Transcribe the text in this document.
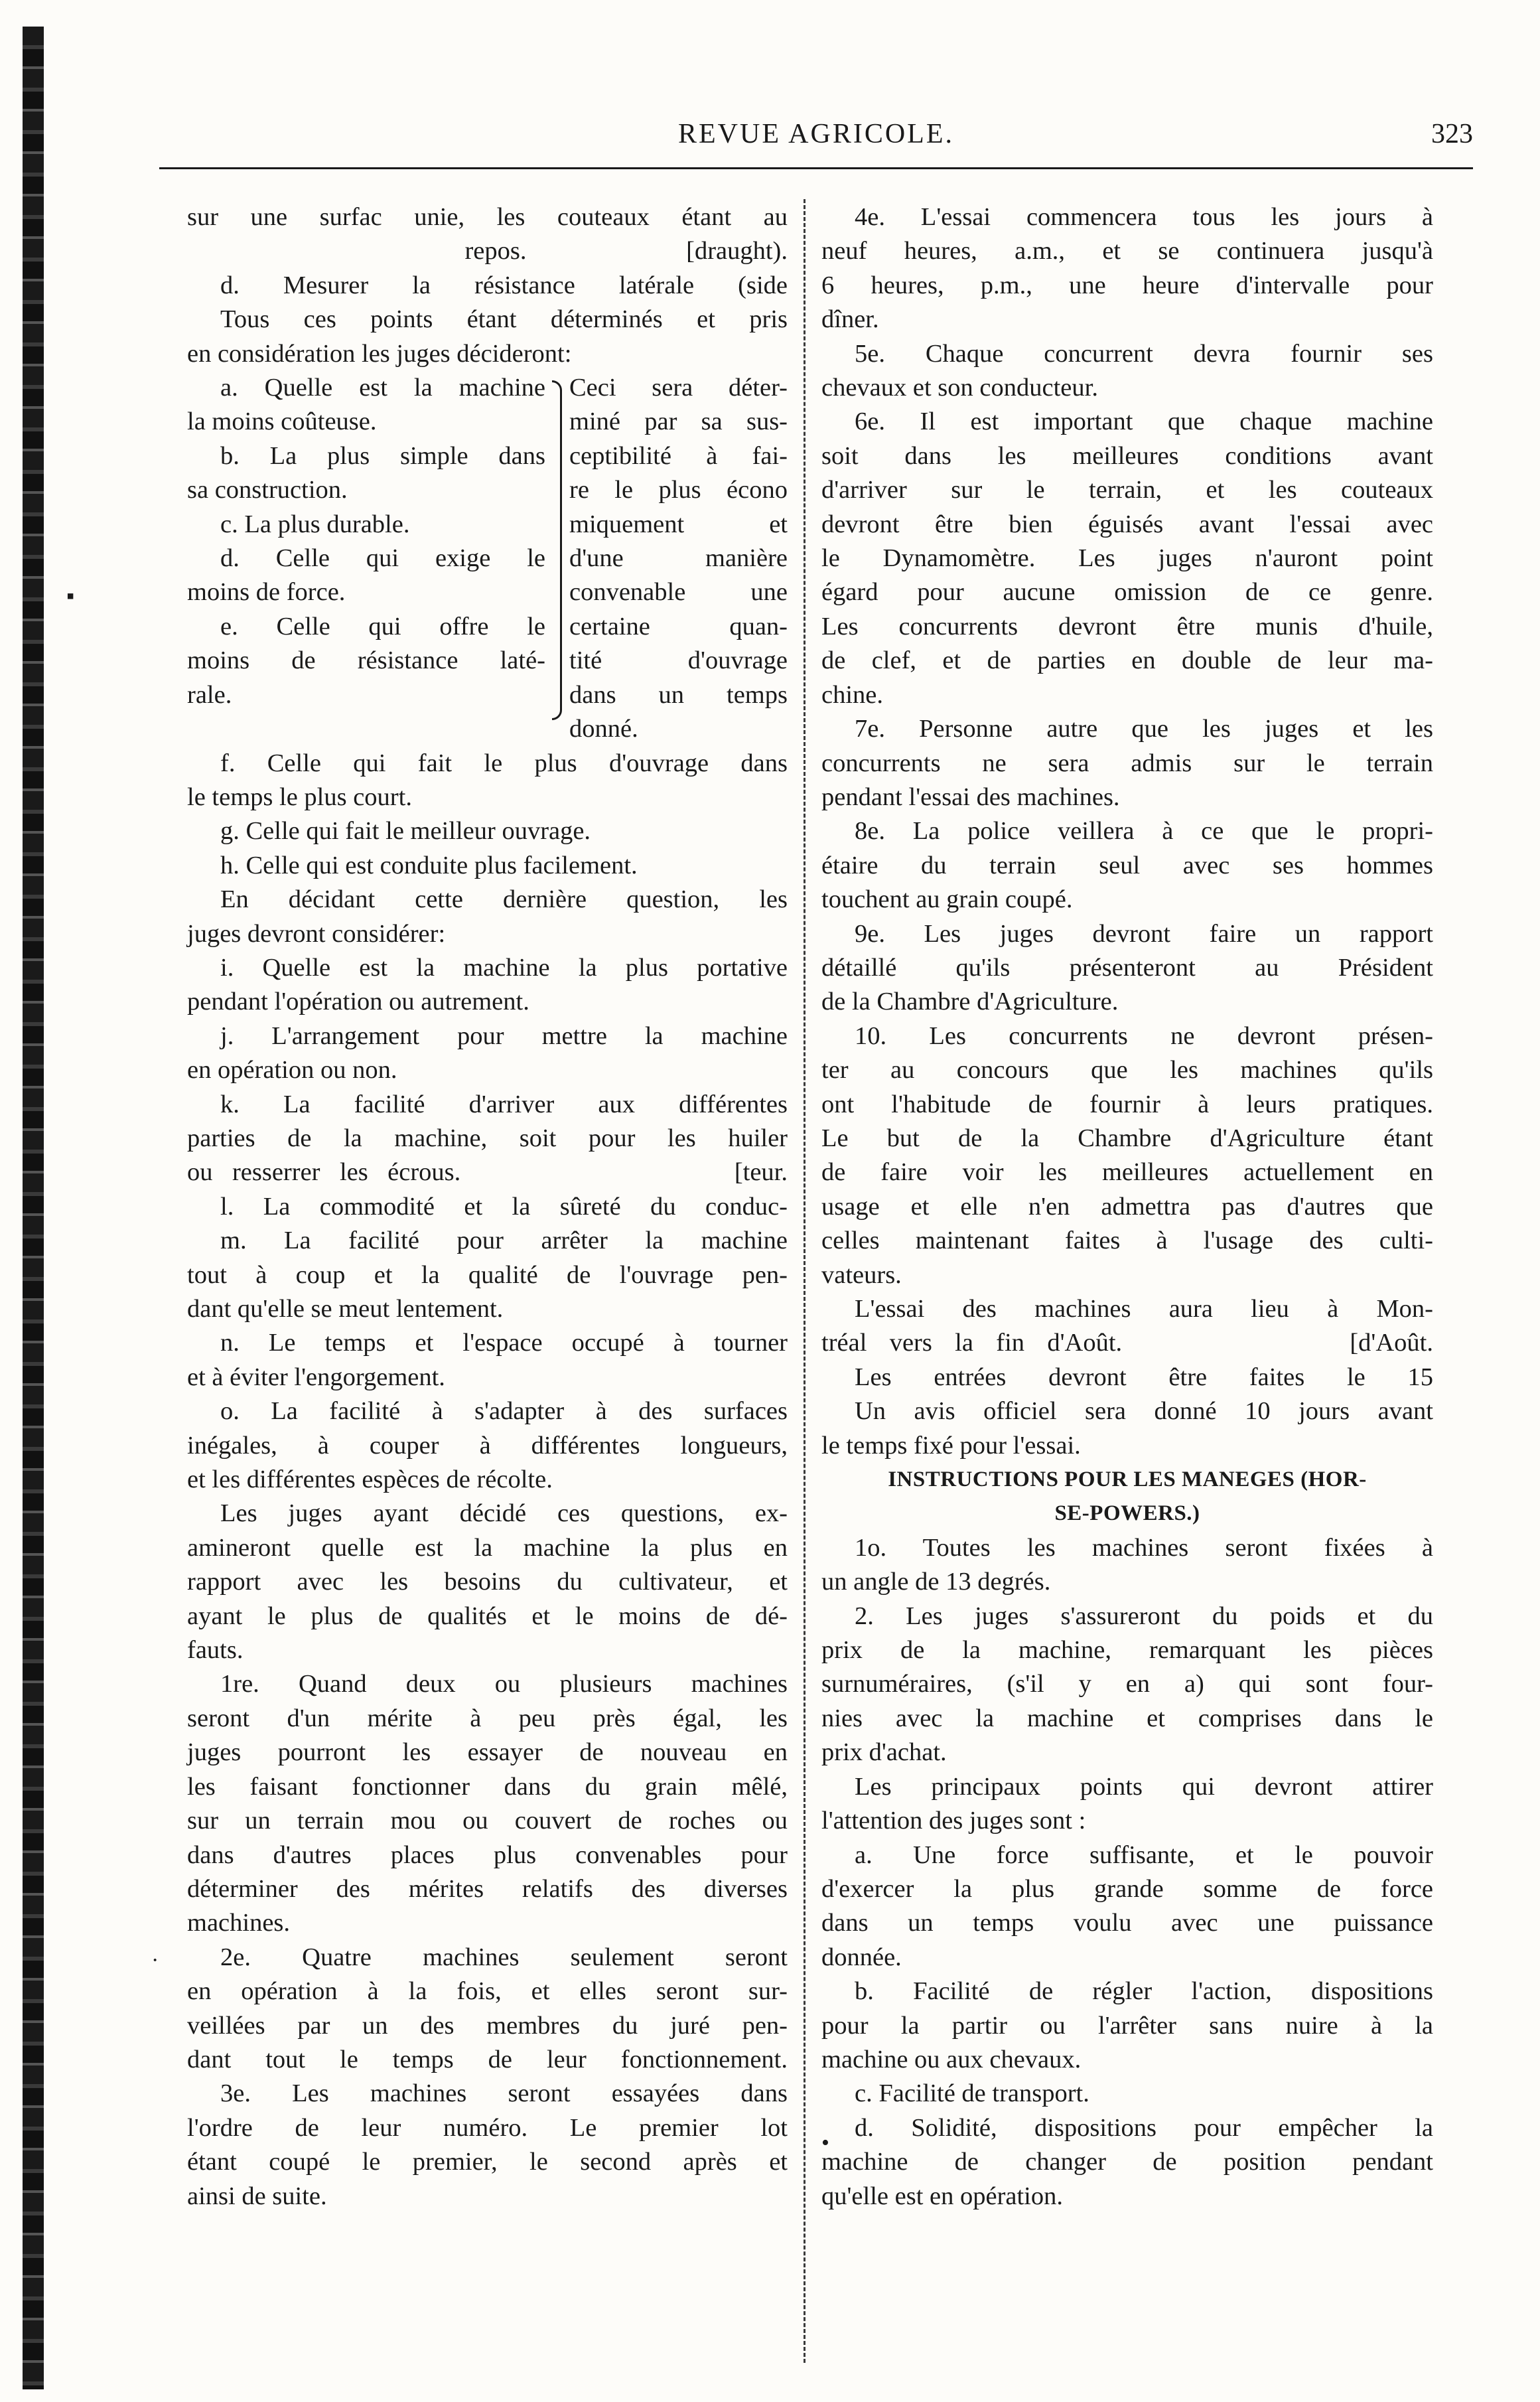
REVUE AGRICOLE.	323
sur une surfac unie, les couteaux étant au
repos.                         [draught).
d. Mesurer la résistance latérale (side
Tous ces points étant déterminés et pris
en considération les juges décideront:
a. Quelle est la machine
la moins coûteuse.
b. La plus simple dans
sa construction.
c. La plus durable.
d. Celle qui exige le
moins de force.
e. Celle qui offre le
moins de résistance laté-
rale.
Ceci sera déter-
miné par sa sus-
ceptibilité à fai-
re le plus écono
miquement et
d'une manière
convenable une
certaine quan-
tité d'ouvrage
dans un temps
donné.
f. Celle qui fait le plus d'ouvrage dans
le temps le plus court.
g. Celle qui fait le meilleur ouvrage.
h. Celle qui est conduite plus facilement.
En décidant cette dernière question, les
juges devront considérer:
i. Quelle est la machine la plus portative
pendant l'opération ou autrement.
j. L'arrangement pour mettre la machine
en opération ou non.
k. La facilité d'arriver aux différentes
parties de la machine, soit pour les huiler
ou resserrer les écrous.              [teur.
l. La commodité et la sûreté du conduc-
m. La facilité pour arrêter la machine
tout à coup et la qualité de l'ouvrage pen-
dant qu'elle se meut lentement.
n. Le temps et l'espace occupé à tourner
et à éviter l'engorgement.
o. La facilité à s'adapter à des surfaces
inégales, à couper à différentes longueurs,
et les différentes espèces de récolte.
Les juges ayant décidé ces questions, ex-
amineront quelle est la machine la plus en
rapport avec les besoins du cultivateur, et
ayant le plus de qualités et le moins de dé-
fauts.
1re. Quand deux ou plusieurs machines
seront d'un mérite à peu près égal, les
juges pourront les essayer de nouveau en
les faisant fonctionner dans du grain mêlé,
sur un terrain mou ou couvert de roches ou
dans d'autres places plus convenables pour
déterminer des mérites relatifs des diverses
machines.
2e. Quatre machines seulement seront
en opération à la fois, et elles seront sur-
veillées par un des membres du juré pen-
dant tout le temps de leur fonctionnement.
3e. Les machines seront essayées dans
l'ordre de leur numéro. Le premier lot
étant coupé le premier, le second après et
ainsi de suite.
4e. L'essai commencera tous les jours à
neuf heures, a.m., et se continuera jusqu'à
6 heures, p.m., une heure d'intervalle pour
dîner.
5e. Chaque concurrent devra fournir ses
chevaux et son conducteur.
6e. Il est important que chaque machine
soit dans les meilleures conditions avant
d'arriver sur le terrain, et les couteaux
devront être bien éguisés avant l'essai avec
le Dynamomètre. Les juges n'auront point
égard pour aucune omission de ce genre.
Les concurrents devront être munis d'huile,
de clef, et de parties en double de leur ma-
chine.
7e. Personne autre que les juges et les
concurrents ne sera admis sur le terrain
pendant l'essai des machines.
8e. La police veillera à ce que le propri-
étaire du terrain seul avec ses hommes
touchent au grain coupé.
9e. Les juges devront faire un rapport
détaillé qu'ils présenteront au Président
de la Chambre d'Agriculture.
10. Les concurrents ne devront présen-
ter au concours que les machines qu'ils
ont l'habitude de fournir à leurs pratiques.
Le but de la Chambre d'Agriculture étant
de faire voir les meilleures actuellement en
usage et elle n'en admettra pas d'autres que
celles maintenant faites à l'usage des culti-
vateurs.
L'essai des machines aura lieu à Mon-
tréal vers la fin d'Août.          [d'Août.
Les entrées devront être faites le 15
Un avis officiel sera donné 10 jours avant
le temps fixé pour l'essai.
INSTRUCTIONS POUR LES MANEGES (HOR-
SE-POWERS.)
1o. Toutes les machines seront fixées à
un angle de 13 degrés.
2. Les juges s'assureront du poids et du
prix de la machine, remarquant les pièces
surnuméraires, (s'il y en a) qui sont four-
nies avec la machine et comprises dans le
prix d'achat.
Les principaux points qui devront attirer
l'attention des juges sont :
a. Une force suffisante, et le pouvoir
d'exercer la plus grande somme de force
dans un temps voulu avec une puissance
donnée.
b. Facilité de régler l'action, dispositions
pour la partir ou l'arrêter sans nuire à la
machine ou aux chevaux.
c. Facilité de transport.
d. Solidité, dispositions pour empêcher la
machine de changer de position pendant
qu'elle est en opération.
▪
·
•
